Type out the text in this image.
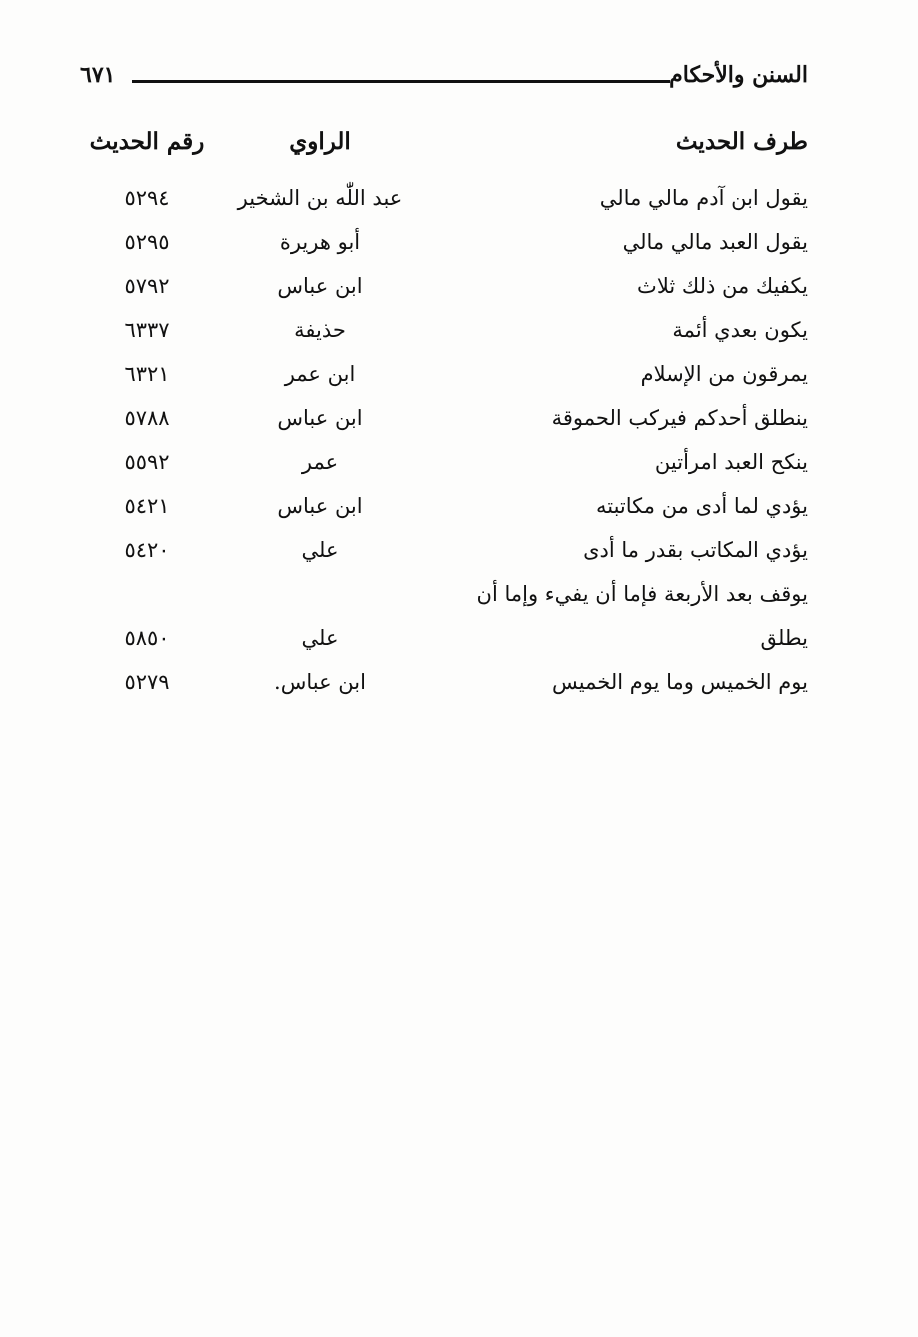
السنن والأحكام
٦٧١
طرف الحديث
الراوي
رقم الحديث
يقول ابن آدم مالي مالي
عبد اللّٰه بن الشخير
٥٢٩٤
يقول العبد مالي مالي
أبو هريرة
٥٢٩٥
يكفيك من ذلك ثلاث
ابن عباس
٥٧٩٢
يكون بعدي أئمة
حذيفة
٦٣٣٧
يمرقون من الإسلام
ابن عمر
٦٣٢١
ينطلق أحدكم فيركب الحموقة
ابن عباس
٥٧٨٨
ينكح العبد امرأتين
عمر
٥٥٩٢
يؤدي لما أدى من مكاتبته
ابن عباس
٥٤٢١
يؤدي المكاتب بقدر ما أدى
علي
٥٤٢٠
يوقف بعد الأربعة فإما أن يفيء وإما أن
يطلق
علي
٥٨٥٠
يوم الخميس وما يوم الخميس
ابن عباس.
٥٢٧٩
